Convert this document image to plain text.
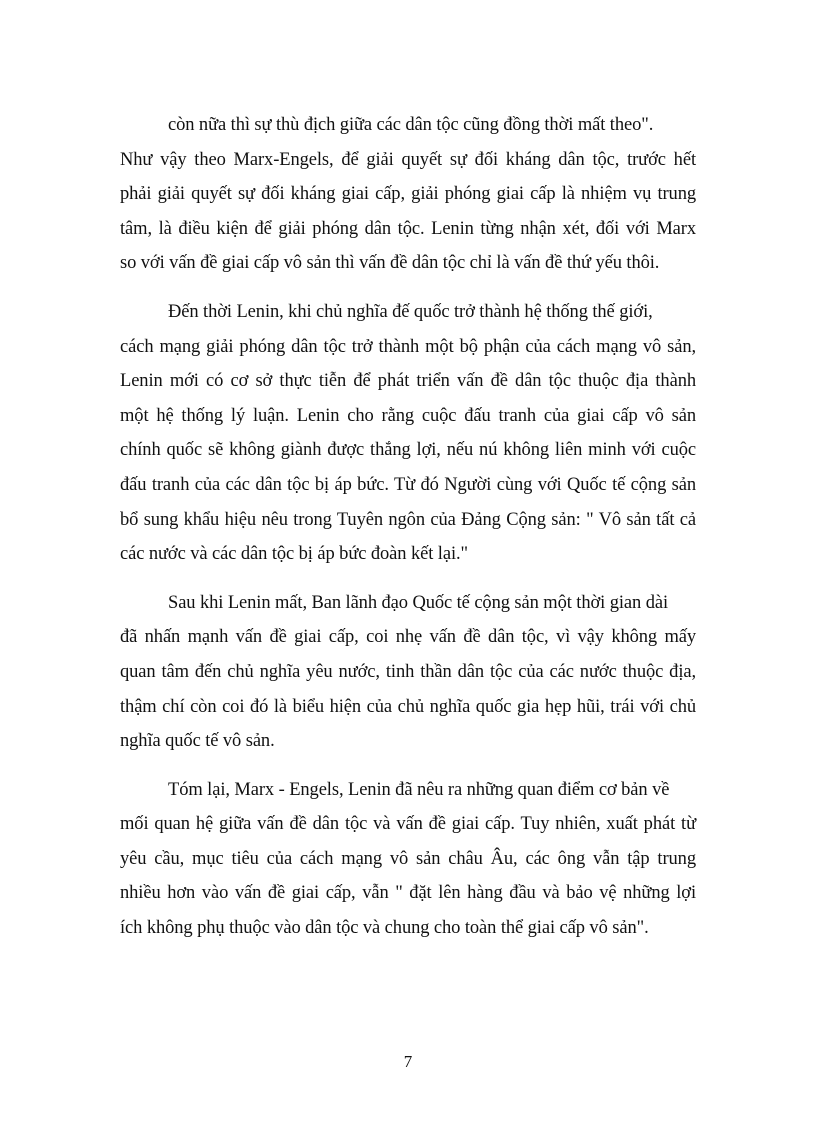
còn nữa thì sự thù địch giữa các dân tộc cũng đồng thời mất theo".
Như vậy theo Marx-Engels, để giải quyết sự đối kháng dân tộc, trước hết
phải giải quyết sự đối kháng giai cấp, giải phóng giai cấp là nhiệm vụ trung
tâm, là điều kiện để giải phóng dân tộc. Lenin từng nhận xét, đối với Marx
so với vấn đề giai cấp vô sản thì vấn đề dân tộc chỉ là vấn đề thứ yếu thôi.
Đến thời Lenin, khi chủ nghĩa đế quốc trở thành hệ thống thế giới,
cách mạng giải phóng dân tộc trở thành một bộ phận của cách mạng vô sản,
Lenin mới có cơ sở thực tiễn để phát triển vấn đề dân tộc thuộc địa thành
một hệ thống lý luận. Lenin cho rằng cuộc đấu tranh của giai cấp vô sản
chính quốc sẽ không giành được thắng lợi, nếu nú không liên minh với cuộc
đấu tranh của các dân tộc bị áp bức. Từ đó Người cùng với Quốc tế cộng sản
bổ sung khẩu hiệu nêu trong Tuyên ngôn của Đảng Cộng sản: " Vô sản tất cả
các nước và các dân tộc bị áp bức đoàn kết lại."
Sau khi Lenin mất, Ban lãnh đạo Quốc tế cộng sản một thời gian dài
đã nhấn mạnh vấn đề giai cấp, coi nhẹ vấn đề dân tộc, vì vậy không mấy
quan tâm đến chủ nghĩa yêu nước, tinh thần dân tộc của các nước thuộc địa,
thậm chí còn coi đó là biểu hiện của chủ nghĩa quốc gia hẹp hũi, trái với chủ
nghĩa quốc tế vô sản.
Tóm lại, Marx - Engels, Lenin đã nêu ra những quan điểm cơ bản về
mối quan hệ giữa vấn đề dân tộc và vấn đề giai cấp. Tuy nhiên, xuất phát từ
yêu cầu, mục tiêu của cách mạng vô sản châu Âu, các ông vẫn tập trung
nhiều hơn vào vấn đề giai cấp, vẫn " đặt lên hàng đầu và bảo vệ những lợi
ích không phụ thuộc vào dân tộc và chung cho toàn thể giai cấp vô sản".
7
